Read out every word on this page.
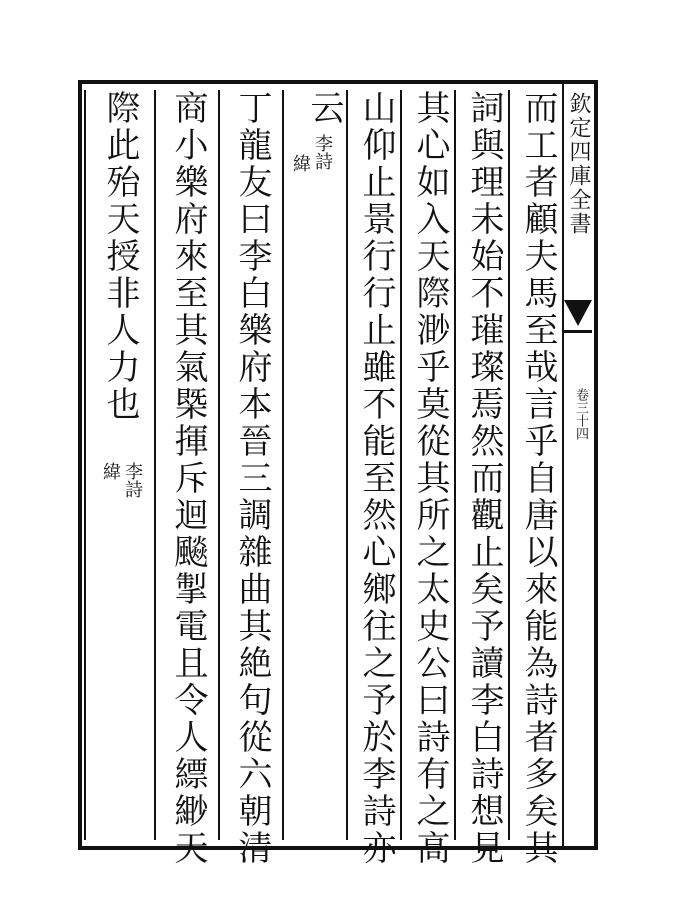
欽定四庫全書
卷三十四
而工者顧夫馬至哉言乎自唐以來能為詩者多矣其
詞與理未始不璀璨焉然而觀止矣予讀李白詩想見
其心如入天際渺乎莫從其所之太史公曰詩有之高
山仰止景行行止雖不能至然心鄉往之予於李詩亦
云
李詩
緯
丁龍友曰李白樂府本晉三調雜曲其絶句從六朝清
商小樂府來至其氣槩揮斥迴飈掣電且令人縹緲天
際此殆天授非人力也
李詩
緯
